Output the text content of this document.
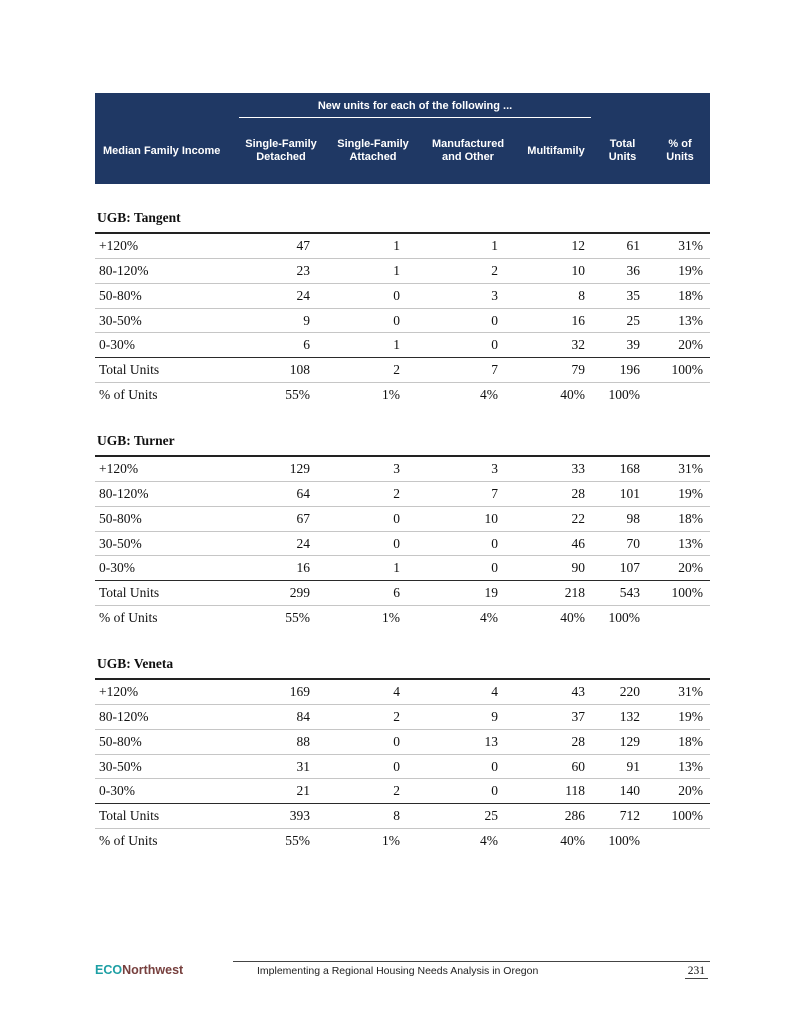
	New units for each of the following ...					

Median Family Income	Single-Family Detached	Single-Family Attached	Manufactured and Other	Multifamily	Total Units	% of Units

UGB: Tangent						
+120%	47	1	1	12	61	31%
80-120%	23	1	2	10	36	19%
50-80%	24	0	3	8	35	18%
30-50%	9	0	0	16	25	13%
0-30%	6	1	0	32	39	20%
Total Units	108	2	7	79	196	100%
% of Units	55%	1%	4%	40%	100%	

UGB: Turner						
+120%	129	3	3	33	168	31%
80-120%	64	2	7	28	101	19%
50-80%	67	0	10	22	98	18%
30-50%	24	0	0	46	70	13%
0-30%	16	1	0	90	107	20%
Total Units	299	6	19	218	543	100%
% of Units	55%	1%	4%	40%	100%	

UGB: Veneta						
+120%	169	4	4	43	220	31%
80-120%	84	2	9	37	132	19%
50-80%	88	0	13	28	129	18%
30-50%	31	0	0	60	91	13%
0-30%	21	2	0	118	140	20%
Total Units	393	8	25	286	712	100%
% of Units	55%	1%	4%	40%	100%	
ECONorthwest	Implementing a Regional Housing Needs Analysis in Oregon	231
